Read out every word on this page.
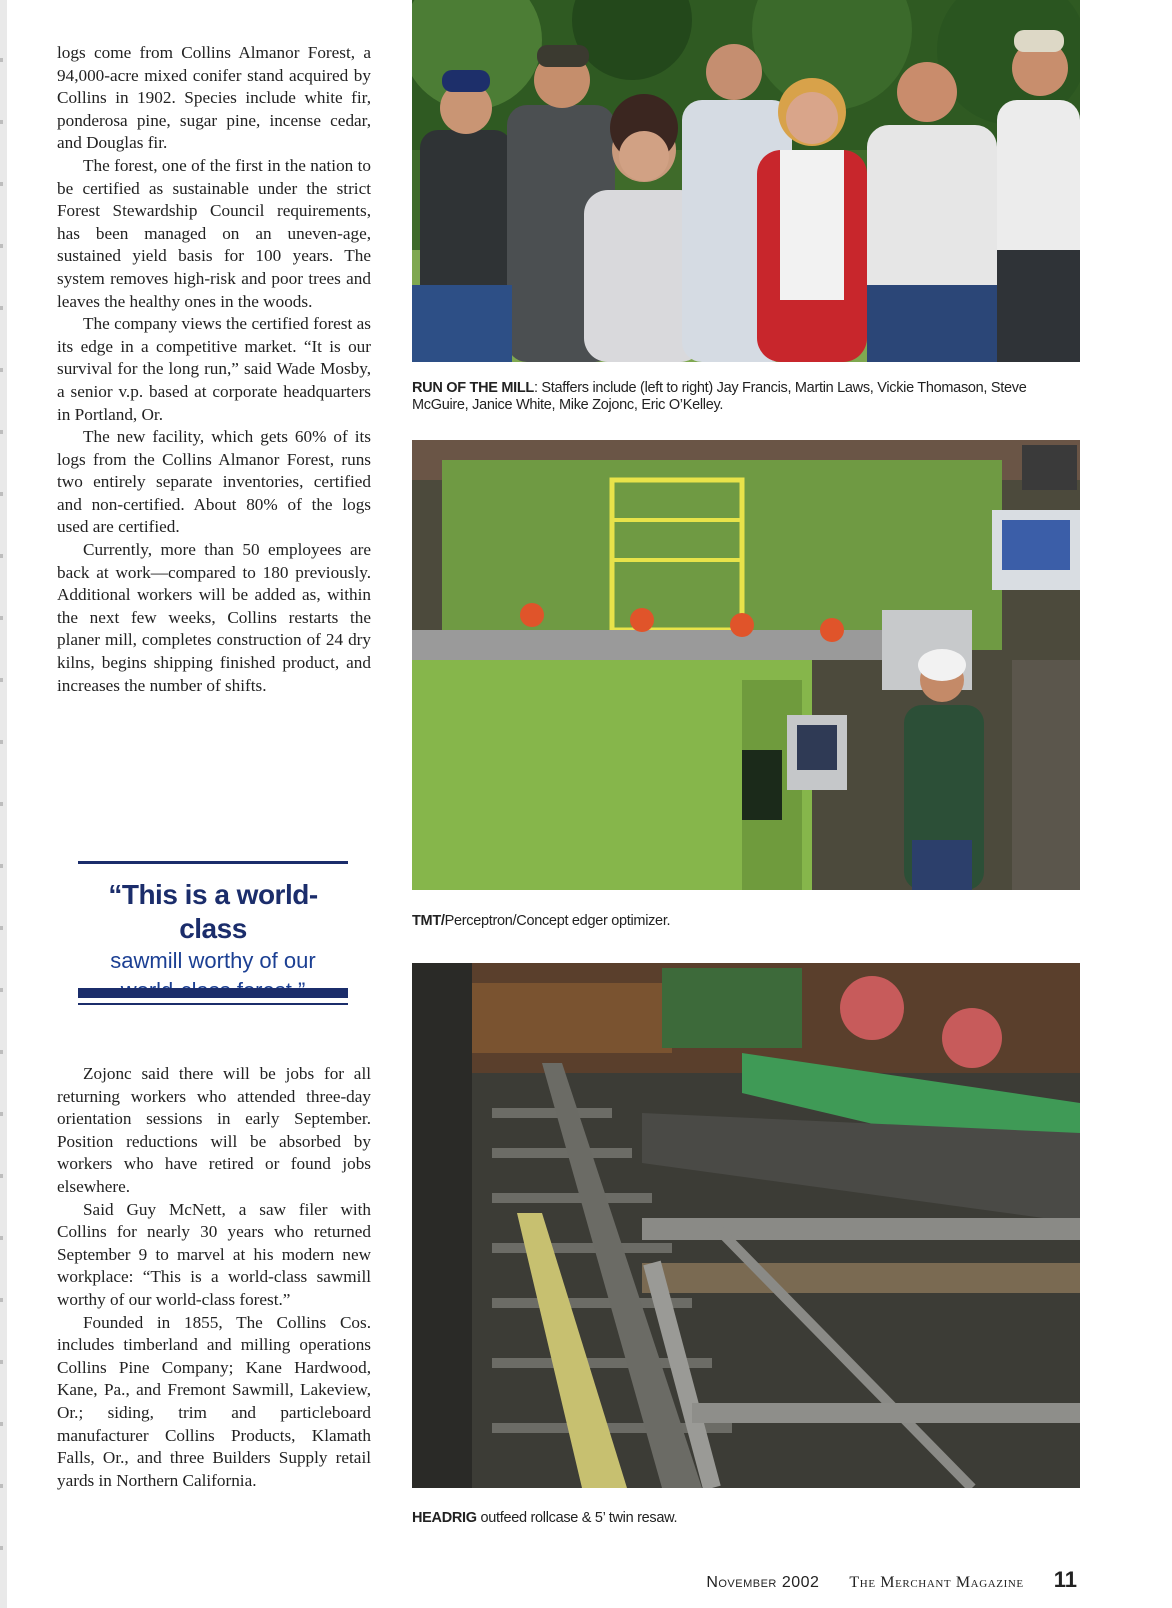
logs come from Collins Almanor Forest, a 94,000-acre mixed conifer stand acquired by Collins in 1902. Species include white fir, ponderosa pine, sugar pine, incense cedar, and Douglas fir.

The forest, one of the first in the nation to be certified as sustainable under the strict Forest Stewardship Council requirements, has been managed on an uneven-age, sustained yield basis for 100 years. The system removes high-risk and poor trees and leaves the healthy ones in the woods.

The company views the certified forest as its edge in a competitive market. “It is our survival for the long run,” said Wade Mosby, a senior v.p. based at corporate headquarters in Portland, Or.

The new facility, which gets 60% of its logs from the Collins Almanor Forest, runs two entirely separate inventories, certified and non-certified. About 80% of the logs used are certified.

Currently, more than 50 employees are back at work—compared to 180 previously. Additional workers will be added as, within the next few weeks, Collins restarts the planer mill, completes construction of 24 dry kilns, begins shipping finished product, and increases the number of shifts.

“This is a world-class
sawmill worthy of our

Zojonc said there will be jobs for all returning workers who attended three-day orientation sessions in early September. Position reductions will be absorbed by workers who have retired or found jobs elsewhere.

Said Guy McNett, a saw filer with Collins for nearly 30 years who returned September 9 to marvel at his modern new workplace: “This is a world-class sawmill worthy of our world-class forest.”

Founded in 1855, The Collins Cos. includes timberland and milling operations Collins Pine Company; Kane Hardwood, Kane, Pa., and Fremont Sawmill, Lakeview, Or.; siding, trim and particleboard manufacturer Collins Products, Klamath Falls, Or., and three Builders Supply retail yards in Northern California.

RUN OF THE MILL: Staffers include (left to right) Jay Francis, Martin Laws, Vickie Thomason, Steve McGuire, Janice White, Mike Zojonc, Eric O’Kelley.
TMT/Perceptron/Concept edger optimizer.
HEADRIG outfeed rollcase & 5’ twin resaw.
November 2002 The Merchant Magazine 11
